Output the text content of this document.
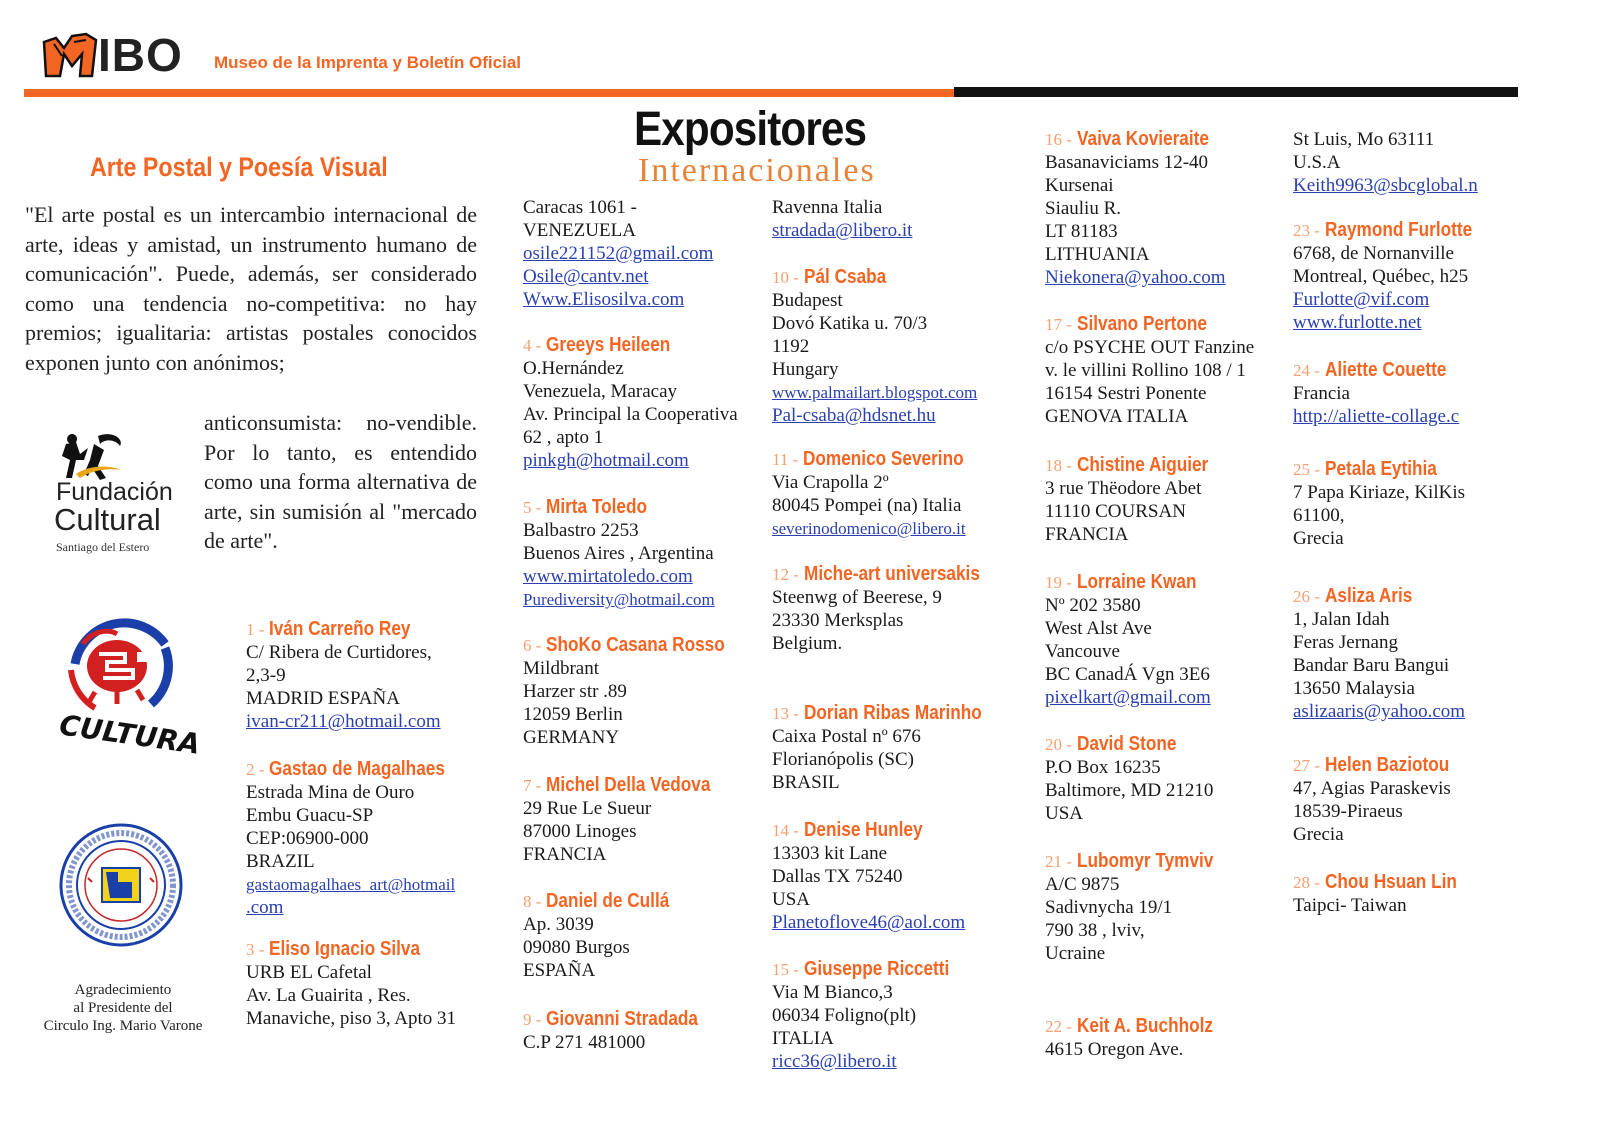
IBO Museo de la Imprenta y Boletín Oficial
Expositores
Internacionales
Arte Postal y Poesía Visual
"El arte postal es un intercambio internacional de arte, ideas y amistad, un instrumento humano de comunicación". Puede, además, ser considerado como una tendencia no-competitiva: no hay premios; igualitaria: artistas postales conocidos exponen junto con anónimos;
anticonsumista: no-vendible. Por lo tanto, es entendido como una forma alternativa de arte, sin sumisión al "mercado de arte".
Fundación
Cultural
Santiago del Estero
CULTURA
Agradecimiento
al Presidente del
Circulo Ing. Mario Varone
1 - Iván Carreño Rey
C/ Ribera de Curtidores,
2,3-9
MADRID ESPAÑA
ivan-cr211@hotmail.com
2 - Gastao de Magalhaes
Estrada Mina de Ouro
Embu Guacu-SP
CEP:06900-000
BRAZIL
gastaomagalhaes_art@hotmail
.com
3 - Eliso Ignacio Silva
URB EL Cafetal
Av. La Guairita , Res.
Manaviche, piso 3, Apto 31
Caracas 1061 -
VENEZUELA
osile221152@gmail.com
Osile@cantv.net
Www.Elisosilva.com
4 - Greeys Heileen
O.Hernández
Venezuela, Maracay
Av. Principal la Cooperativa
62 , apto 1
pinkgh@hotmail.com
5 - Mirta Toledo
Balbastro 2253
Buenos Aires , Argentina
www.mirtatoledo.com
Purediversity@hotmail.com
6 - ShoKo Casana Rosso
Mildbrant
Harzer str .89
12059 Berlin
GERMANY
7 - Michel Della Vedova
29 Rue Le Sueur
87000 Linoges
FRANCIA
8 - Daniel de Cullá
Ap. 3039
09080 Burgos
ESPAÑA
9 - Giovanni Stradada
C.P 271 481000
Ravenna Italia
stradada@libero.it
10 - Pál Csaba
Budapest
Dovó Katika u. 70/3
1192
Hungary
www.palmailart.blogspot.com
Pal-csaba@hdsnet.hu
11 - Domenico Severino
Via Crapolla 2º
80045 Pompei (na) Italia
severinodomenico@libero.it
12 - Miche-art universakis
Steenwg of Beerese, 9
23330 Merksplas
Belgium.
13 - Dorian Ribas Marinho
Caixa Postal nº 676
Florianópolis (SC)
BRASIL
14 - Denise Hunley
13303 kit Lane
Dallas TX 75240
USA
Planetoflove46@aol.com
15 - Giuseppe Riccetti
Via M Bianco,3
06034 Foligno(plt)
ITALIA
ricc36@libero.it
16 - Vaiva Kovieraite
Basanaviciams 12-40
Kursenai
Siauliu R.
LT 81183
LITHUANIA
Niekonera@yahoo.com
17 - Silvano Pertone
c/o PSYCHE OUT Fanzine
v. le villini Rollino 108 / 1
16154 Sestri Ponente
GENOVA ITALIA
18 - Chistine Aiguier
3 rue Thëodore Abet
11110 COURSAN
FRANCIA
19 - Lorraine Kwan
Nº 202 3580
West Alst Ave
Vancouve
BC CanadÁ Vgn 3E6
pixelkart@gmail.com
20 - David Stone
P.O Box 16235
Baltimore, MD 21210
USA
21 - Lubomyr Tymviv
A/C 9875
Sadivnycha 19/1
790 38 , lviv,
Ucraine
22 - Keit A. Buchholz
4615 Oregon Ave.
St Luis, Mo 63111
U.S.A
Keith9963@sbcglobal.n
23 - Raymond Furlotte
6768, de Nornanville
Montreal, Québec, h25
Furlotte@vif.com
www.furlotte.net
24 - Aliette Couette
Francia
http://aliette-collage.c
25 - Petala Eytihia
7 Papa Kiriaze, KilKis
61100,
Grecia
26 - Asliza Aris
1, Jalan Idah
Feras Jernang
Bandar Baru Bangui
13650 Malaysia
aslizaaris@yahoo.com
27 - Helen Baziotou
47, Agias Paraskevis
18539-Piraeus
Grecia
28 - Chou Hsuan Lin
Taipci- Taiwan
